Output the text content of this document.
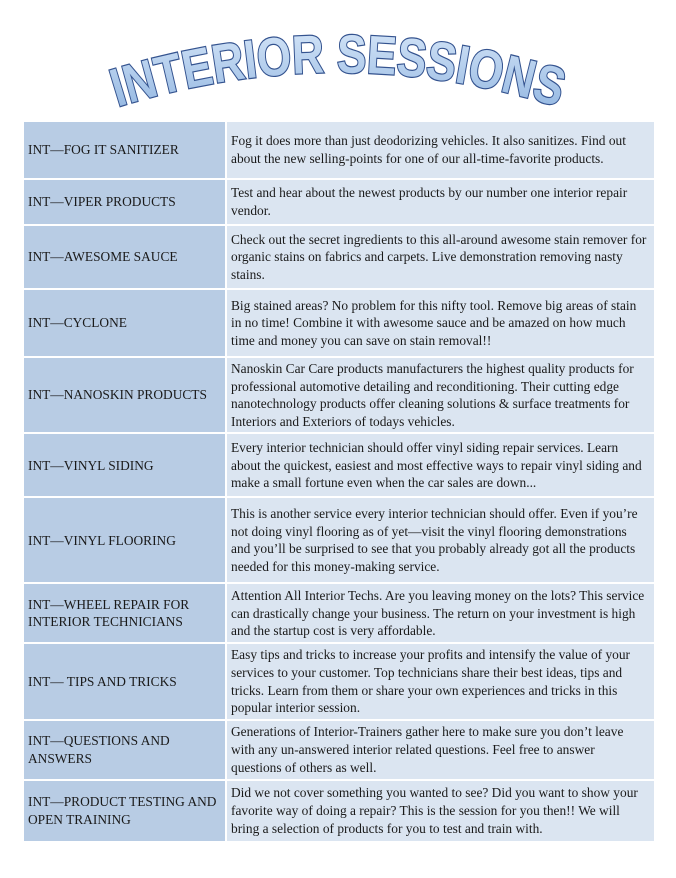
INTERIOR SESSIONS
INT—FOG IT SANITIZER	Fog it does more than just deodorizing vehicles. It also sanitizes. Find out about the new selling-points for one of our all-time-favorite products.
INT—VIPER PRODUCTS	Test and hear about the newest products by our number one interior repair vendor.
INT—AWESOME SAUCE	Check out the secret ingredients to this all-around awesome stain remover for organic stains on fabrics and carpets. Live demonstration removing nasty stains.
INT—CYCLONE	Big stained areas? No problem for this nifty tool. Remove big areas of stain in no time! Combine it with awesome sauce and be amazed on how much time and money you can save on stain removal!!
INT—NANOSKIN PRODUCTS	Nanoskin Car Care products manufacturers the highest quality products for professional automotive detailing and reconditioning. Their cutting edge nanotechnology products offer cleaning solutions & surface treatments for Interiors and Exteriors of todays vehicles.
INT—VINYL SIDING	Every interior technician should offer vinyl siding repair services. Learn about the quickest, easiest and most effective ways to repair vinyl siding and make a small fortune even when the car sales are down...
INT—VINYL FLOORING	This is another service every interior technician should offer. Even if you’re not doing vinyl flooring as of yet—visit the vinyl flooring demonstrations and you’ll be surprised to see that you probably already got all the products needed for this money-making service.
INT—WHEEL REPAIR FOR INTERIOR TECHNICIANS	Attention All Interior Techs. Are you leaving money on the lots? This service can drastically change your business. The return on your investment is high and the startup cost is very affordable.
INT— TIPS AND TRICKS	Easy tips and tricks to increase your profits and intensify the value of your services to your customer. Top technicians share their best ideas, tips and tricks. Learn from them or share your own experiences and tricks in this popular interior session.
INT—QUESTIONS AND ANSWERS	Generations of Interior-Trainers gather here to make sure you don’t leave with any un-answered interior related questions. Feel free to answer questions of others as well.
INT—PRODUCT TESTING AND OPEN TRAINING	Did we not cover something you wanted to see? Did you want to show your favorite way of doing a repair? This is the session for you then!! We will bring a selection of products for you to test and train with.
